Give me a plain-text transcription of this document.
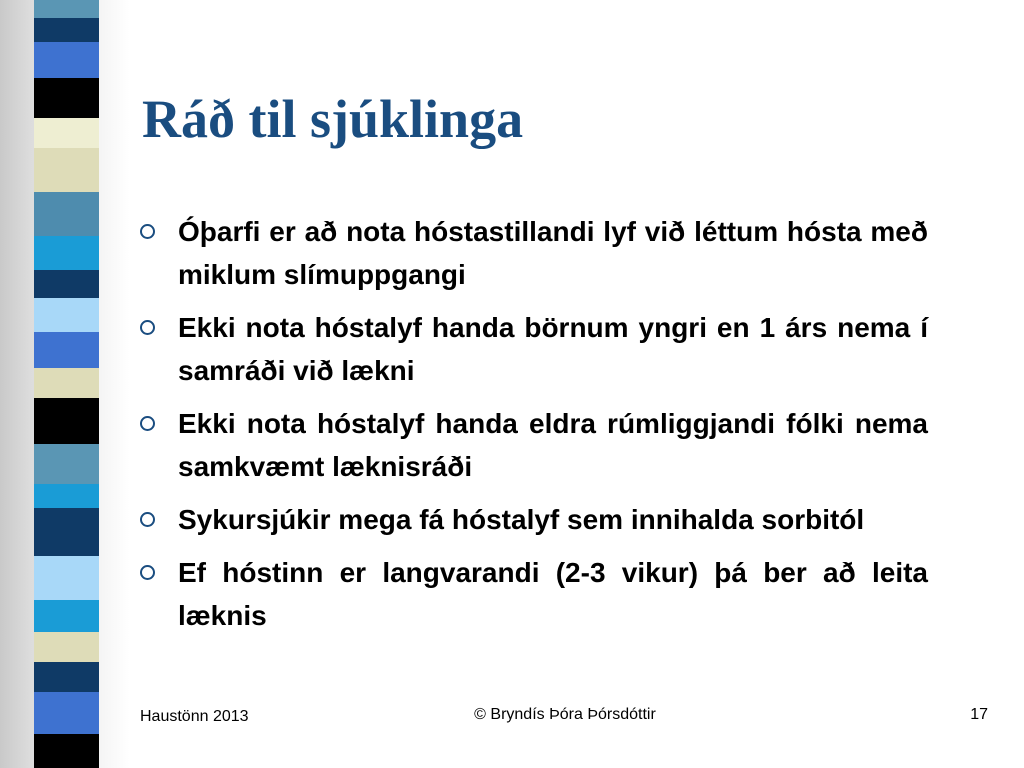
Ráð til sjúklinga
Óþarfi er að nota hóstastillandi lyf við léttum hósta með miklum slímuppgangi
Ekki nota hóstalyf handa börnum yngri en 1 árs nema í samráði við lækni
Ekki nota hóstalyf handa eldra rúmliggjandi fólki nema samkvæmt læknisráði
Sykursjúkir mega fá hóstalyf sem innihalda sorbitól
Ef hóstinn er langvarandi (2-3 vikur) þá ber að leita læknis
Haustönn 2013	© Bryndís Þóra Þórsdóttir	17
